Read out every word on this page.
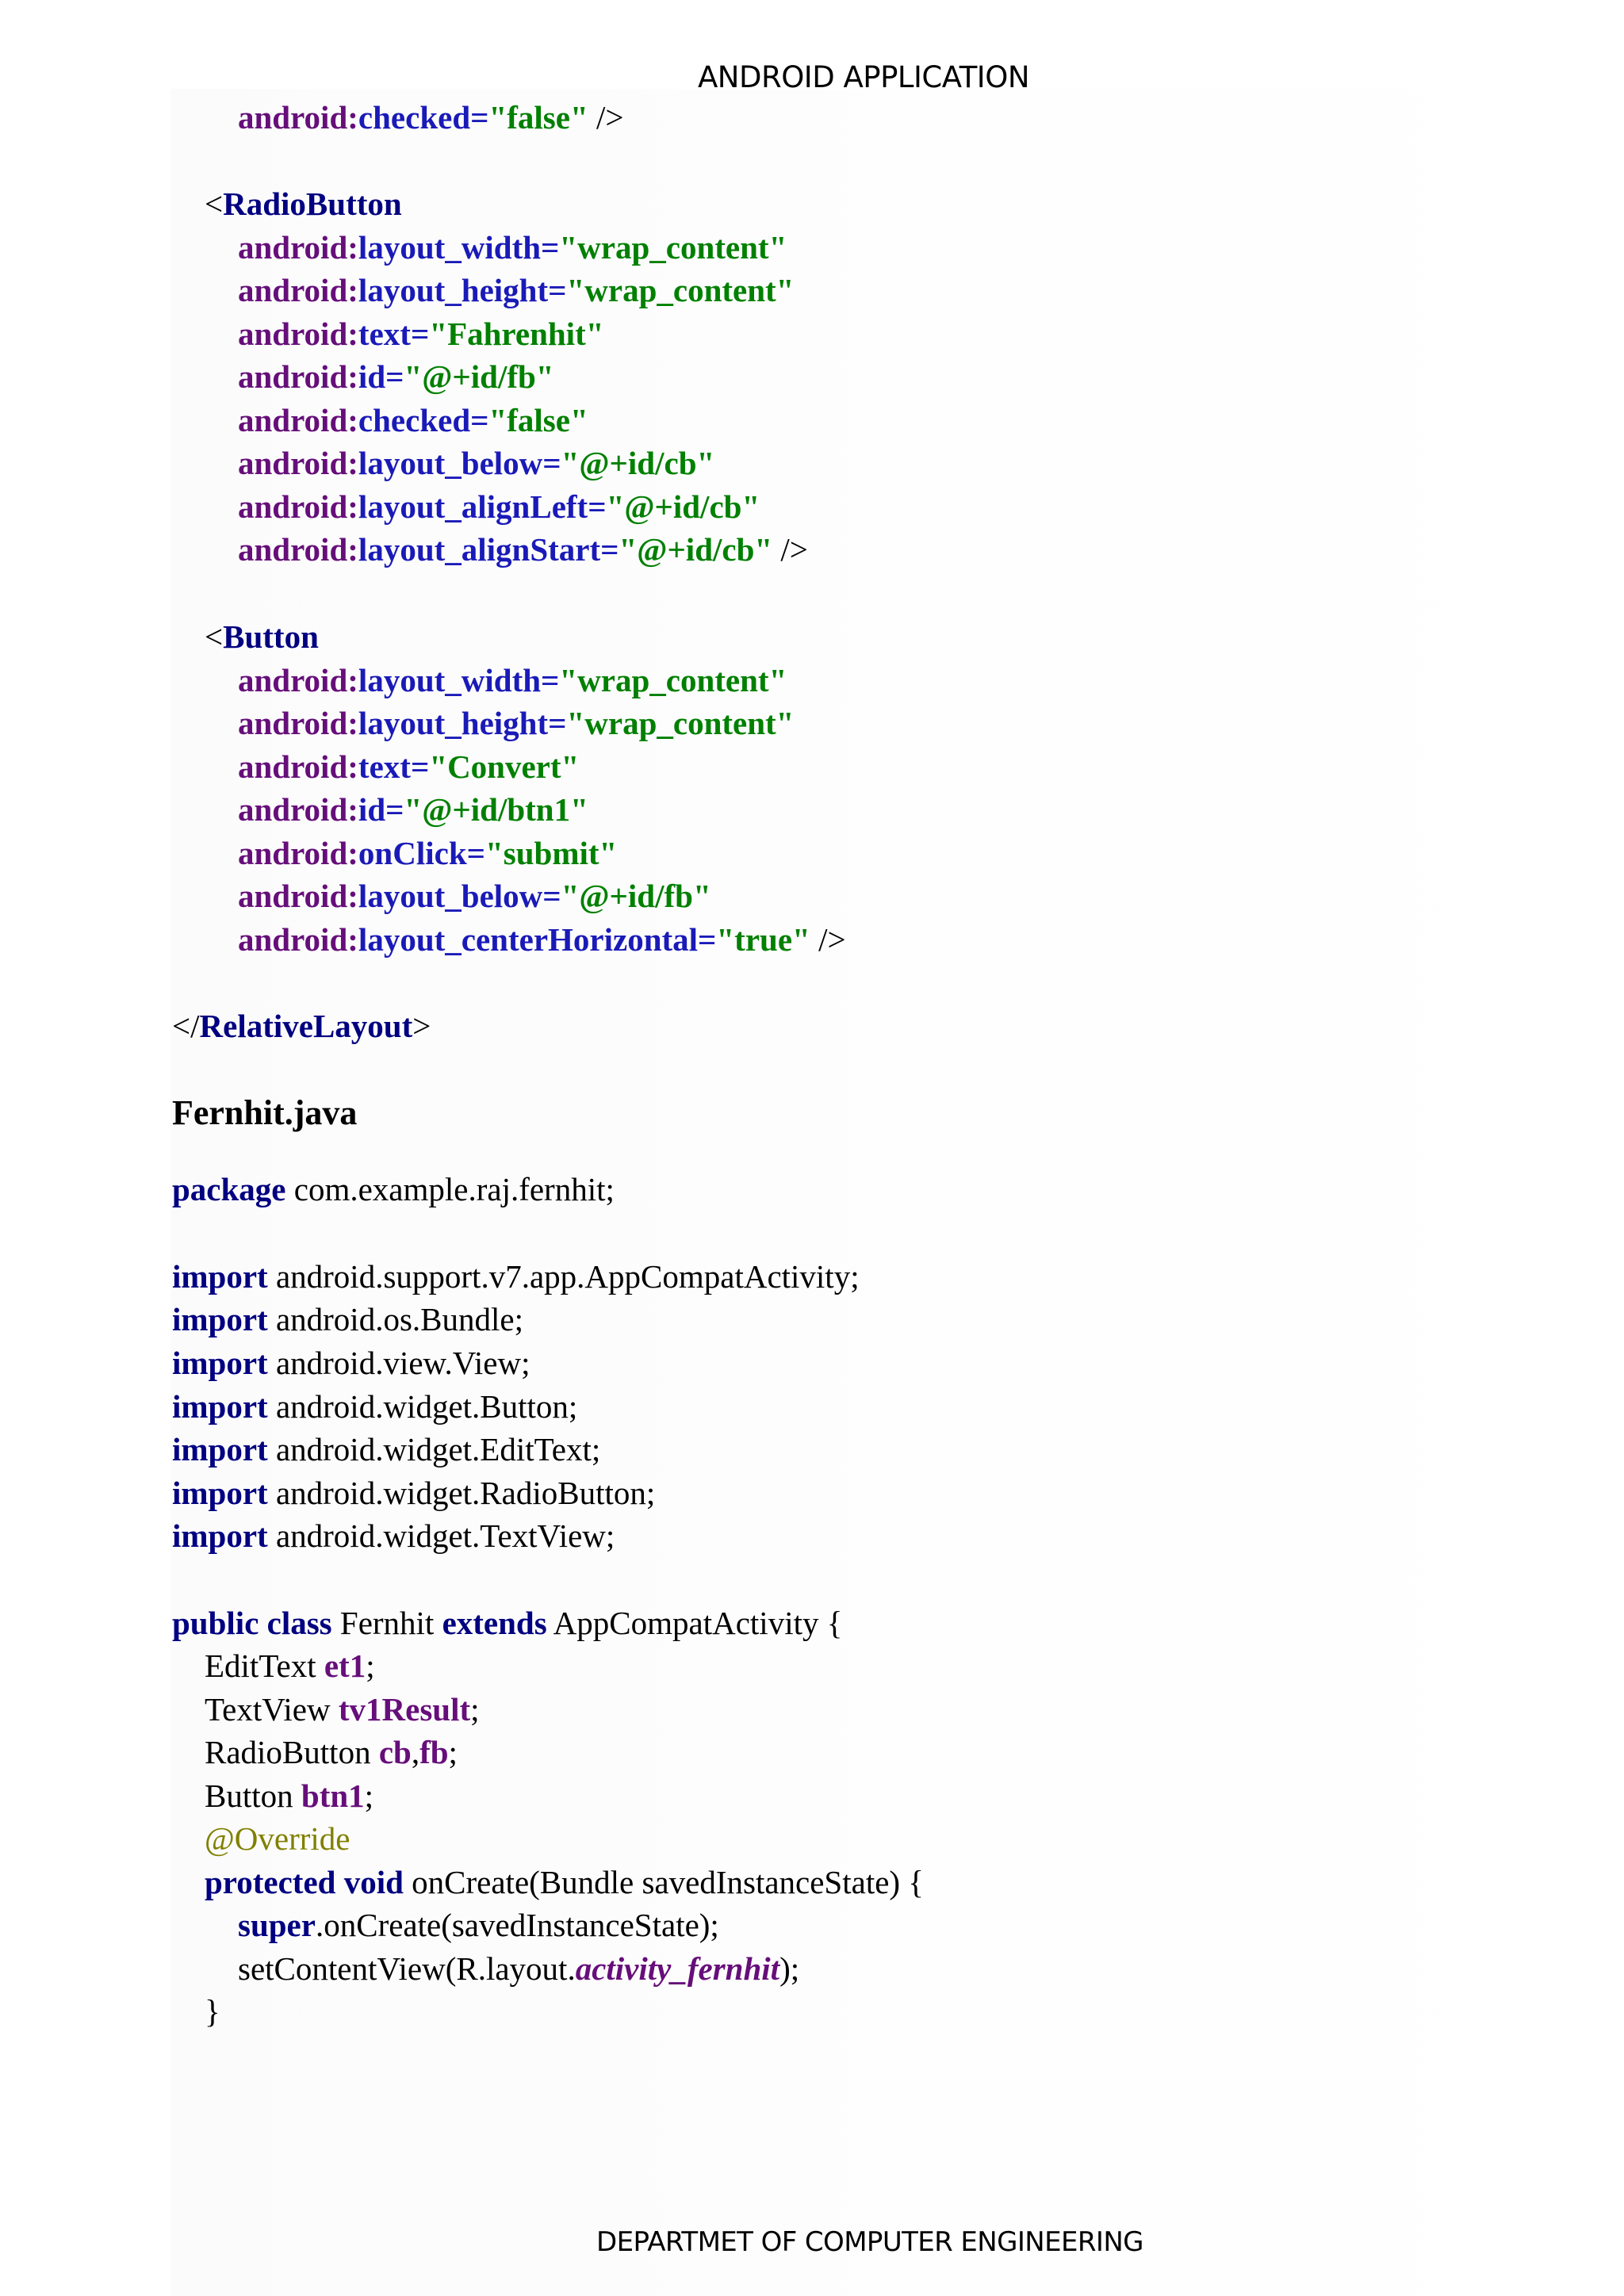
ANDROID APPLICATION
android:checked="false" />
<RadioButton
android:layout_width="wrap_content"
android:layout_height="wrap_content"
android:text="Fahrenhit"
android:id="@+id/fb"
android:checked="false"
android:layout_below="@+id/cb"
android:layout_alignLeft="@+id/cb"
android:layout_alignStart="@+id/cb" />
<Button
android:layout_width="wrap_content"
android:layout_height="wrap_content"
android:text="Convert"
android:id="@+id/btn1"
android:onClick="submit"
android:layout_below="@+id/fb"
android:layout_centerHorizontal="true" />
</RelativeLayout>
Fernhit.java
package com.example.raj.fernhit;
import android.support.v7.app.AppCompatActivity;
import android.os.Bundle;
import android.view.View;
import android.widget.Button;
import android.widget.EditText;
import android.widget.RadioButton;
import android.widget.TextView;
public class Fernhit extends AppCompatActivity {
EditText et1;
TextView tv1Result;
RadioButton cb,fb;
Button btn1;
@Override
protected void onCreate(Bundle savedInstanceState) {
super.onCreate(savedInstanceState);
setContentView(R.layout.activity_fernhit);
}
DEPARTMET OF COMPUTER ENGINEERING
